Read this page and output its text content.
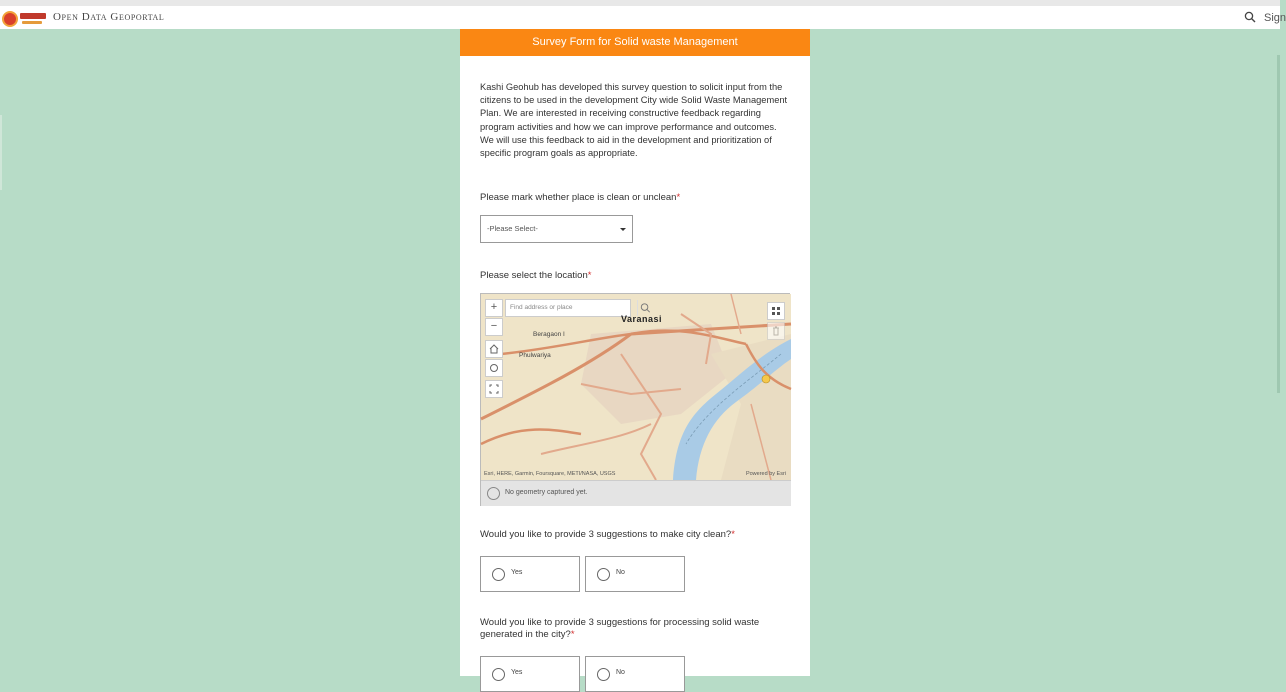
Open Data Geoportal	Sign
Survey Form for Solid waste Management
Kashi Geohub has developed this survey question to solicit input from the citizens to be used in the development City wide Solid Waste Management Plan. We are interested in receiving constructive feedback regarding program activities and how we can improve performance and outcomes. We will use this feedback to aid in the development and prioritization of specific program goals as appropriate.
Please mark whether place is clean or unclean*
-Please Select-
Please select the location*
Find address or place
+
−
Varanasi
Beragaon I
Phulwariya
Esri, HERE, Garmin, Foursquare, METI/NASA, USGS	Powered by Esri
No geometry captured yet.
Would you like to provide 3 suggestions to make city clean?*
Yes	No
Would you like to provide 3 suggestions for processing solid waste
generated in the city?*
Yes	No
